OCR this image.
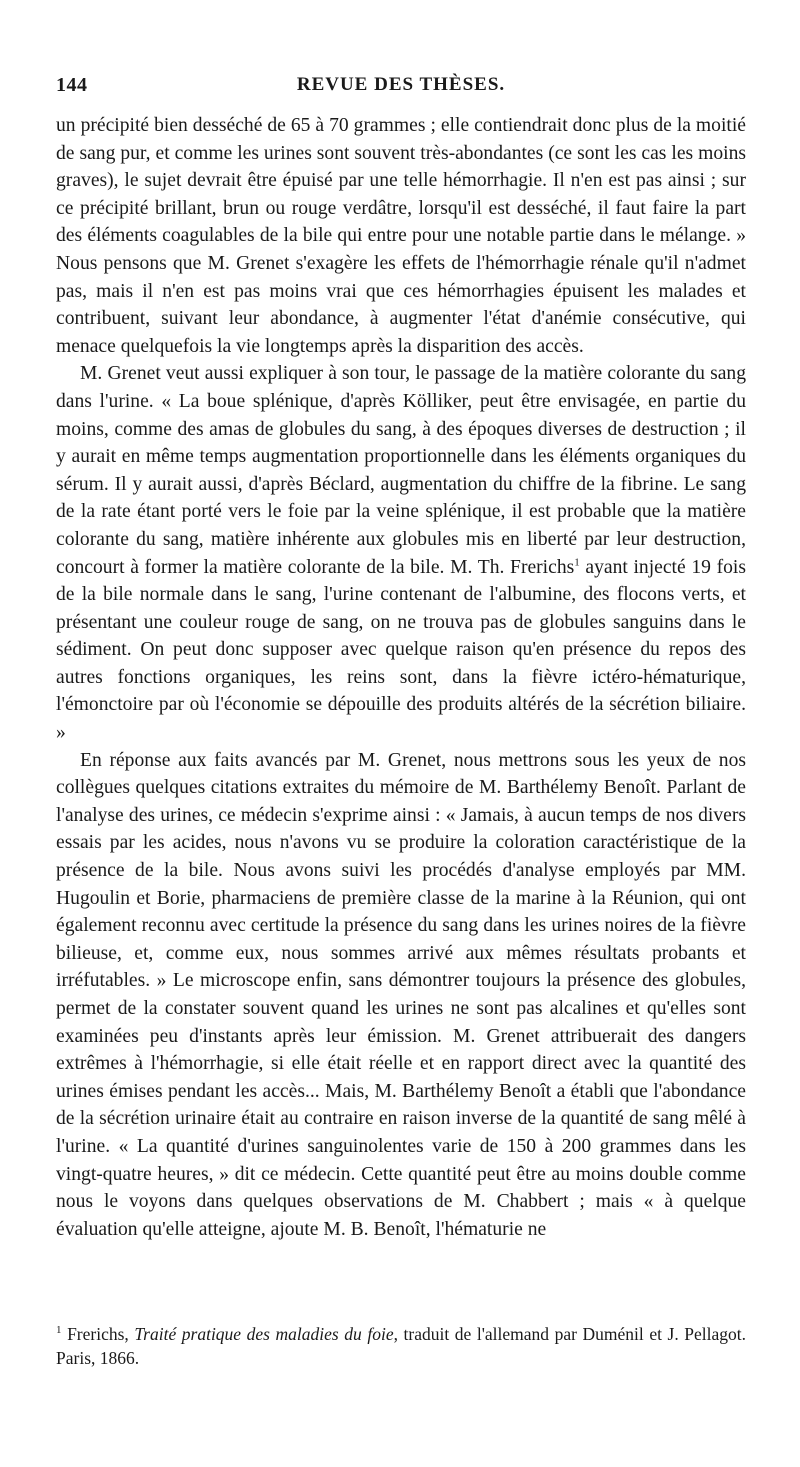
144	REVUE DES THÈSES.

un précipité bien desséché de 65 à 70 grammes ; elle contiendrait donc plus de la moitié de sang pur, et comme les urines sont souvent très-abondantes (ce sont les cas les moins graves), le sujet devrait être épuisé par une telle hémorrhagie. Il n'en est pas ainsi ; sur ce précipité brillant, brun ou rouge verdâtre, lorsqu'il est desséché, il faut faire la part des éléments coagulables de la bile qui entre pour une notable partie dans le mélange. » Nous pensons que M. Grenet s'exagère les effets de l'hémorrhagie rénale qu'il n'admet pas, mais il n'en est pas moins vrai que ces hémorrhagies épuisent les malades et contribuent, suivant leur abondance, à augmenter l'état d'anémie consécutive, qui menace quelquefois la vie longtemps après la disparition des accès.

M. Grenet veut aussi expliquer à son tour, le passage de la matière colorante du sang dans l'urine. « La boue splénique, d'après Kölliker, peut être envisagée, en partie du moins, comme des amas de globules du sang, à des époques diverses de destruction ; il y aurait en même temps augmentation proportionnelle dans les éléments organiques du sérum. Il y aurait aussi, d'après Béclard, augmentation du chiffre de la fibrine. Le sang de la rate étant porté vers le foie par la veine splénique, il est probable que la matière colorante du sang, matière inhérente aux globules mis en liberté par leur destruction, concourt à former la matière colorante de la bile. M. Th. Frerichs$^1$ ayant injecté 19 fois de la bile normale dans le sang, l'urine contenant de l'albumine, des flocons verts, et présentant une couleur rouge de sang, on ne trouva pas de globules sanguins dans le sédiment. On peut donc supposer avec quelque raison qu'en présence du repos des autres fonctions organiques, les reins sont, dans la fièvre ictéro-hématurique, l'émonctoire par où l'économie se dépouille des produits altérés de la sécrétion biliaire. »

En réponse aux faits avancés par M. Grenet, nous mettrons sous les yeux de nos collègues quelques citations extraites du mémoire de M. Barthélemy Benoît. Parlant de l'analyse des urines, ce médecin s'exprime ainsi : « Jamais, à aucun temps de nos divers essais par les acides, nous n'avons vu se produire la coloration caractéristique de la présence de la bile. Nous avons suivi les procédés d'analyse employés par MM. Hugoulin et Borie, pharmaciens de première classe de la marine à la Réunion, qui ont également reconnu avec certitude la présence du sang dans les urines noires de la fièvre bilieuse, et, comme eux, nous sommes arrivé aux mêmes résultats probants et irréfutables. » Le microscope enfin, sans démontrer toujours la présence des globules, permet de la constater souvent quand les urines ne sont pas alcalines et qu'elles sont examinées peu d'instants après leur émission. M. Grenet attribuerait des dangers extrêmes à l'hémorrhagie, si elle était réelle et en rapport direct avec la quantité des urines émises pendant les accès... Mais, M. Barthélemy Benoît a établi que l'abondance de la sécrétion urinaire était au contraire en raison inverse de la quantité de sang mêlé à l'urine. « La quantité d'urines sanguinolentes varie de 150 à 200 grammes dans les vingt-quatre heures, » dit ce médecin. Cette quantité peut être au moins double comme nous le voyons dans quelques observations de M. Chabbert ; mais « à quelque évaluation qu'elle atteigne, ajoute M. B. Benoît, l'hématurie ne

$^1$ Frerichs, Traité pratique des maladies du foie, traduit de l'allemand par Duménil et J. Pellagot. Paris, 1866.
